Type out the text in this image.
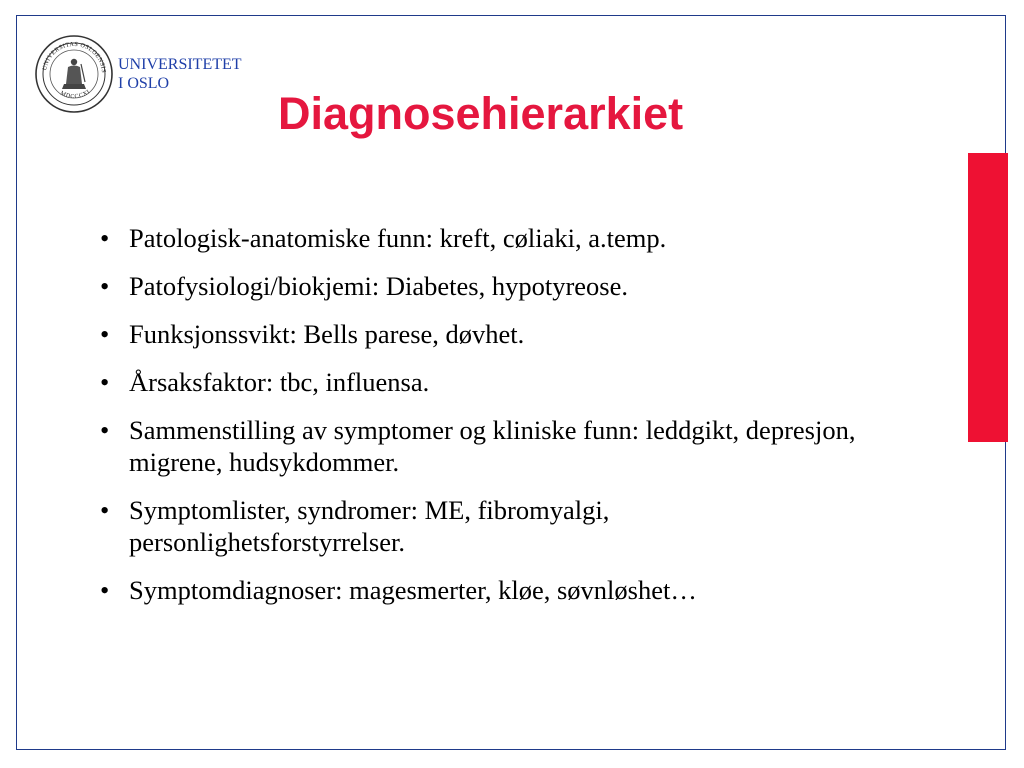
UNIVERSITAS OSLOENSIS
MDCCCXI
UNIVERSITETET
I OSLO
Diagnosehierarkiet
• Patologisk-anatomiske funn: kreft, cøliaki, a.temp.
• Patofysiologi/biokjemi: Diabetes, hypotyreose.
• Funksjonssvikt: Bells parese, døvhet.
• Årsaksfaktor: tbc, influensa.
• Sammenstilling av symptomer og kliniske funn: leddgikt, depresjon, migrene, hudsykdommer.
• Symptomlister, syndromer: ME, fibromyalgi, personlighetsforstyrrelser.
• Symptomdiagnoser: magesmerter, kløe, søvnløshet…
